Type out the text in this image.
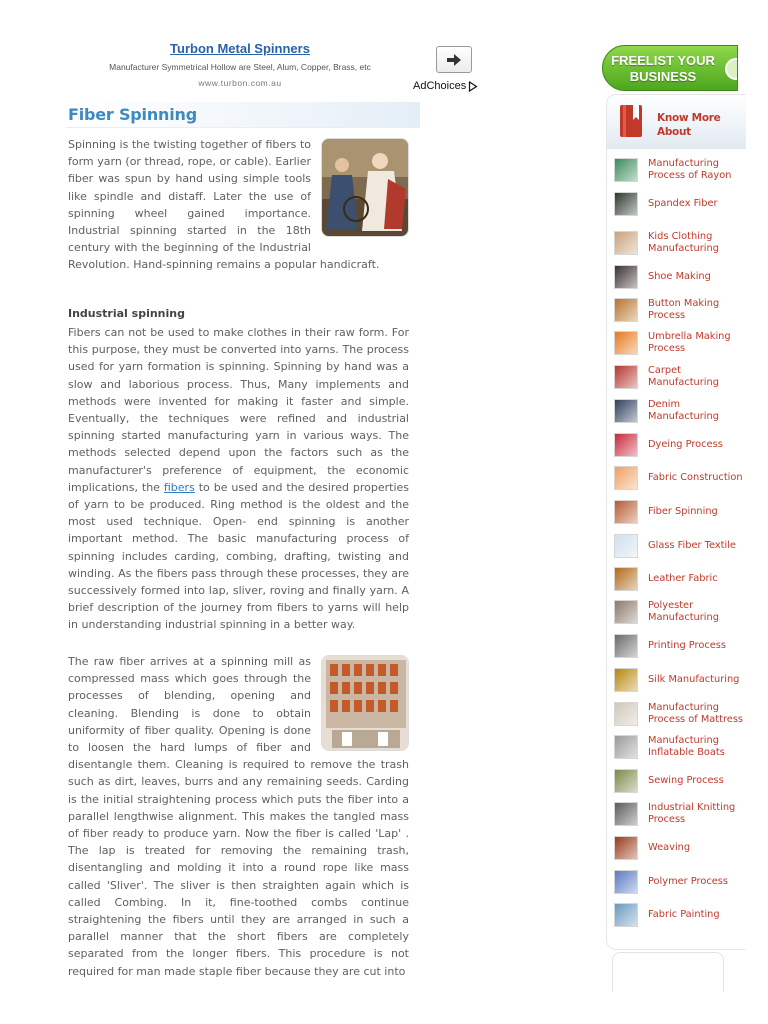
Turbon Metal Spinners
Manufacturer Symmetrical Hollow are Steel, Alum, Copper, Brass, etc
www.turbon.com.au	AdChoices
Fiber Spinning
Spinning is the twisting together of fibers to form yarn (or thread, rope, or cable). Earlier fiber was spun by hand using simple tools like spindle and distaff. Later the use of spinning wheel gained importance. Industrial spinning started in the 18th century with the beginning of the Industrial Revolution. Hand-spinning remains a popular handicraft.
Industrial spinning
Fibers can not be used to make clothes in their raw form. For this purpose, they must be converted into yarns. The process used for yarn formation is spinning. Spinning by hand was a slow and laborious process. Thus, Many implements and methods were invented for making it faster and simple. Eventually, the techniques were refined and industrial spinning started manufacturing yarn in various ways. The methods selected depend upon the factors such as the manufacturer's preference of equipment, the economic implications, the fibers to be used and the desired properties of yarn to be produced. Ring method is the oldest and the most used technique. Open- end spinning is another important method. The basic manufacturing process of spinning includes carding, combing, drafting, twisting and winding. As the fibers pass through these processes, they are successively formed into lap, sliver, roving and finally yarn. A brief description of the journey from fibers to yarns will help in understanding industrial spinning in a better way.
The raw fiber arrives at a spinning mill as compressed mass which goes through the processes of blending, opening and cleaning. Blending is done to obtain uniformity of fiber quality. Opening is done to loosen the hard lumps of fiber and disentangle them. Cleaning is required to remove the trash such as dirt, leaves, burrs and any remaining seeds. Carding is the initial straightening process which puts the fiber into a parallel lengthwise alignment. This makes the tangled mass of fiber ready to produce yarn. Now the fiber is called 'Lap' . The lap is treated for removing the remaining trash, disentangling and molding it into a round rope like mass called 'Sliver'. The sliver is then straighten again which is called Combing. In it, fine-toothed combs continue straightening the fibers until they are arranged in such a parallel manner that the short fibers are completely separated from the longer fibers. This procedure is not required for man made staple fiber because they are cut into
FREELIST YOUR
BUSINESS
Know More
About
Manufacturing
Process of Rayon
Spandex Fiber
Kids Clothing
Manufacturing
Shoe Making
Button Making
Process
Umbrella Making
Process
Carpet
Manufacturing
Denim
Manufacturing
Dyeing Process
Fabric Construction
Fiber Spinning
Glass Fiber Textile
Leather Fabric
Polyester
Manufacturing
Printing Process
Silk Manufacturing
Manufacturing
Process of Mattress
Manufacturing
Inflatable Boats
Sewing Process
Industrial Knitting
Process
Weaving
Polymer Process
Fabric Painting
